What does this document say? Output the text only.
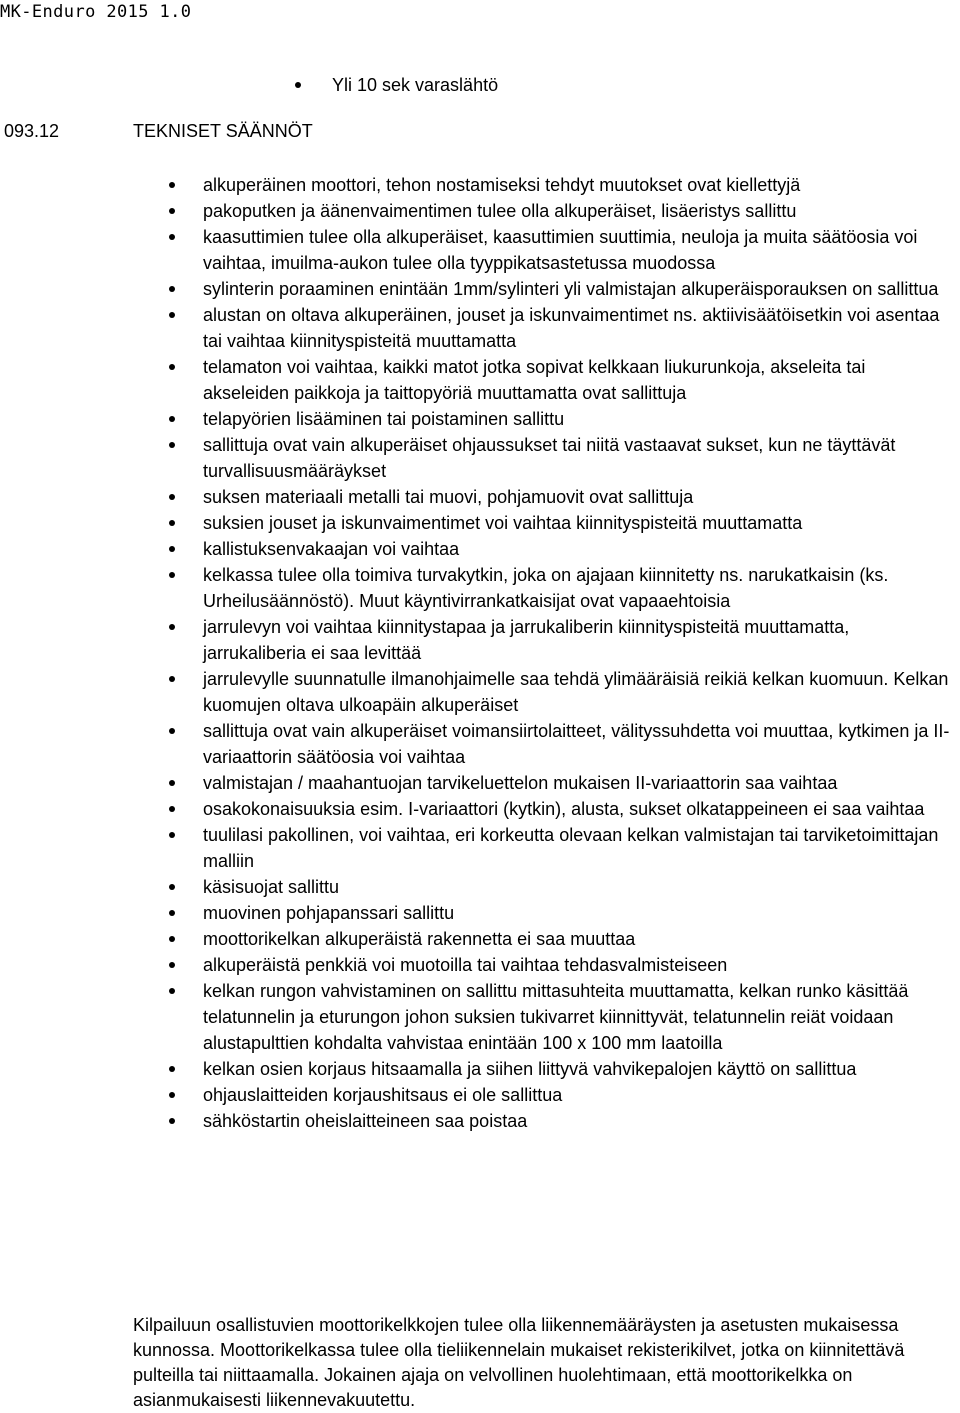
MK-Enduro 2015 1.0
Yli 10 sek varaslähtö
093.12	TEKNISET SÄÄNNÖT
alkuperäinen moottori, tehon nostamiseksi tehdyt muutokset ovat kiellettyjä
pakoputken ja äänenvaimentimen tulee olla alkuperäiset, lisäeristys sallittu
kaasuttimien tulee olla alkuperäiset, kaasuttimien suuttimia, neuloja ja muita säätöosia voi vaihtaa, imuilma-aukon tulee olla tyyppikatsastetussa muodossa
sylinterin poraaminen enintään 1mm/sylinteri yli valmistajan alkuperäisporauksen on sallittua
alustan on oltava alkuperäinen, jouset ja iskunvaimentimet ns. aktiivisäätöisetkin voi asentaa tai vaihtaa kiinnityspisteitä muuttamatta
telamaton voi vaihtaa, kaikki matot jotka sopivat kelkkaan liukurunkoja, akseleita tai akseleiden paikkoja ja taittopyöriä muuttamatta ovat sallittuja
telapyörien lisääminen tai poistaminen sallittu
sallittuja ovat vain alkuperäiset ohjaussukset tai niitä vastaavat sukset, kun ne täyttävät turvallisuusmääräykset
suksen materiaali metalli tai muovi, pohjamuovit ovat sallittuja
suksien jouset ja iskunvaimentimet voi vaihtaa kiinnityspisteitä muuttamatta
kallistuksenvakaajan voi vaihtaa
kelkassa tulee olla toimiva turvakytkin, joka on ajajaan kiinnitetty ns. narukatkaisin (ks. Urheilusäännöstö). Muut käyntivirrankatkaisijat ovat vapaaehtoisia
jarrulevyn voi vaihtaa kiinnitystapaa ja jarrukaliberin kiinnityspisteitä muuttamatta, jarrukaliberia ei saa levittää
jarrulevylle suunnatulle ilmanohjaimelle saa tehdä ylimääräisiä reikiä kelkan kuomuun. Kelkan kuomujen oltava ulkoapäin alkuperäiset
sallittuja ovat vain alkuperäiset voimansiirtolaitteet, välityssuhdetta voi muuttaa, kytkimen ja II-variaattorin säätöosia voi vaihtaa
valmistajan / maahantuojan tarvikeluettelon mukaisen II-variaattorin saa vaihtaa
osakokonaisuuksia esim. I-variaattori (kytkin), alusta, sukset olkatappeineen ei saa vaihtaa
tuulilasi pakollinen, voi vaihtaa, eri korkeutta olevaan kelkan valmistajan tai tarviketoimittajan malliin
käsisuojat sallittu
muovinen pohjapanssari sallittu
moottorikelkan alkuperäistä rakennetta ei saa muuttaa
alkuperäistä penkkiä voi muotoilla tai vaihtaa tehdasvalmisteiseen
kelkan rungon vahvistaminen on sallittu mittasuhteita muuttamatta, kelkan runko käsittää telatunnelin ja eturungon johon suksien tukivarret kiinnittyvät, telatunnelin reiät voidaan alustapulttien kohdalta vahvistaa enintään 100 x 100 mm laatoilla
kelkan osien korjaus hitsaamalla ja siihen liittyvä vahvikepalojen käyttö on sallittua
ohjauslaitteiden korjaushitsaus ei ole sallittua
sähköstartin oheislaitteineen saa poistaa

Kilpailuun osallistuvien moottorikelkkojen tulee olla liikennemääräysten ja asetusten mukaisessa kunnossa. Moottorikelkassa tulee olla tieliikennelain mukaiset rekisterikilvet, jotka on kiinnitettävä pulteilla tai niittaamalla. Jokainen ajaja on velvollinen huolehtimaan, että moottorikelkka on asianmukaisesti liikennevakuutettu.
